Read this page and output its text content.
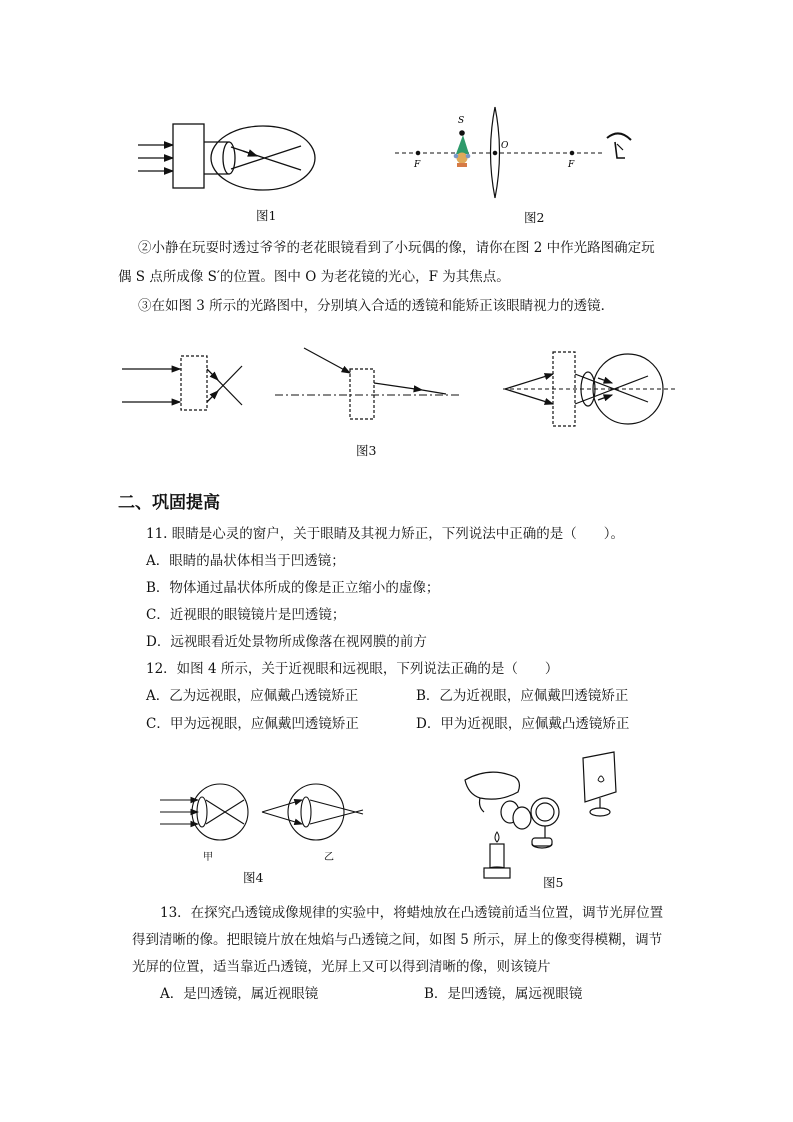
图1
S
O
F	F
图2
②小静在玩耍时透过爷爷的老花眼镜看到了小玩偶的像，请你在图 2 中作光路图确定玩
偶 S 点所成像 S′的位置。图中 O 为老花镜的光心，F 为其焦点。
③在如图 3 所示的光路图中，分别填入合适的透镜和能矫正该眼睛视力的透镜．
图3
二、巩固提高
11. 眼睛是心灵的窗户，关于眼睛及其视力矫正，下列说法中正确的是（　　）。
A．眼睛的晶状体相当于凹透镜；
B．物体通过晶状体所成的像是正立缩小的虚像；
C．近视眼的眼镜镜片是凹透镜；
D．远视眼看近处景物所成像落在视网膜的前方
12．如图 4 所示，关于近视眼和远视眼，下列说法正确的是（　　）
A．乙为远视眼，应佩戴凸透镜矫正	B．乙为近视眼，应佩戴凹透镜矫正
C．甲为远视眼，应佩戴凹透镜矫正	D．甲为近视眼，应佩戴凸透镜矫正
甲	乙
图4	图5
13．在探究凸透镜成像规律的实验中，将蜡烛放在凸透镜前适当位置，调节光屏位置
得到清晰的像。把眼镜片放在烛焰与凸透镜之间，如图 5 所示，屏上的像变得模糊，调节
光屏的位置，适当靠近凸透镜，光屏上又可以得到清晰的像，则该镜片
A．是凹透镜，属近视眼镜	B．是凹透镜，属远视眼镜
